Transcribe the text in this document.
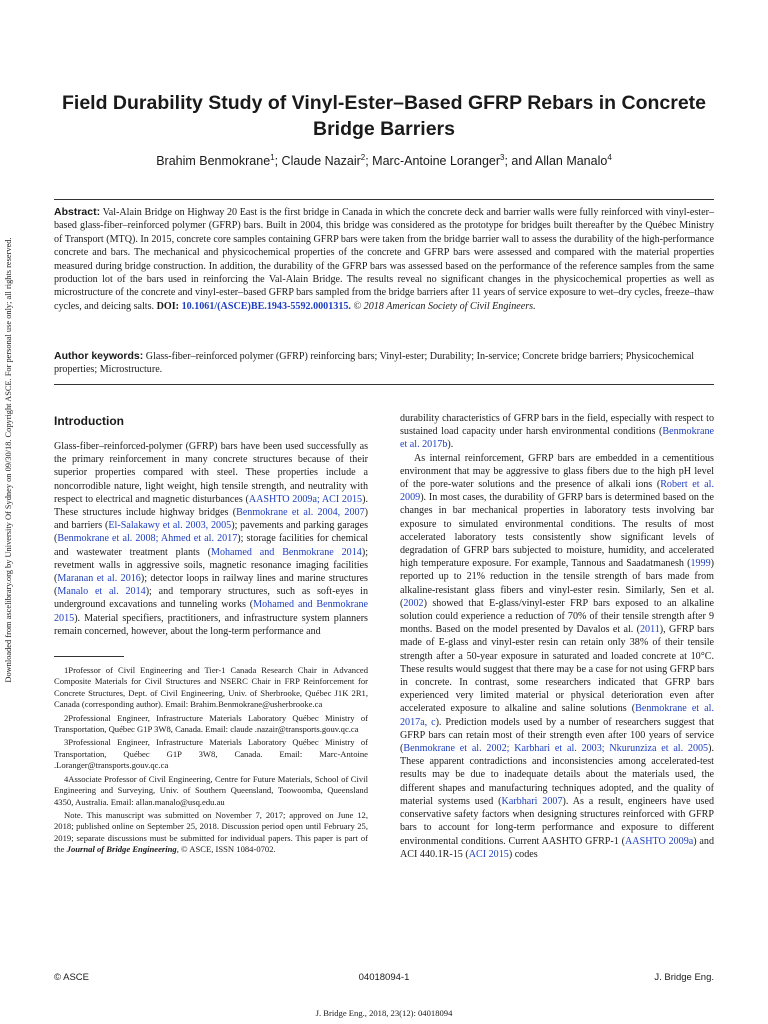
Downloaded from ascelibrary.org by University Of Sydney on 09/30/18. Copyright ASCE. For personal use only; all rights reserved.
Field Durability Study of Vinyl-Ester–Based GFRP Rebars in Concrete Bridge Barriers
Brahim Benmokrane$^1$; Claude Nazair$^2$; Marc-Antoine Loranger$^3$; and Allan Manalo$^4$
Abstract: Val-Alain Bridge on Highway 20 East is the first bridge in Canada in which the concrete deck and barrier walls were fully reinforced with vinyl-ester–based glass-fiber–reinforced polymer (GFRP) bars. Built in 2004, this bridge was considered as the prototype for bridges built thereafter by the Québec Ministry of Transport (MTQ). In 2015, concrete core samples containing GFRP bars were taken from the bridge barrier wall to assess the durability of the high-performance concrete and bars. The mechanical and physicochemical properties of the concrete and GFRP bars were assessed and compared with the material properties measured during bridge construction. In addition, the durability of the GFRP bars was assessed based on the performance of the reference samples from the same production lot of the bars used in reinforcing the Val-Alain Bridge. The results reveal no significant changes in the physicochemical properties as well as microstructure of the concrete and vinyl-ester–based GFRP bars sampled from the bridge barriers after 11 years of service exposure to wet–dry cycles, freeze–thaw cycles, and deicing salts. DOI: 10.1061/(ASCE)BE.1943-5592.0001315. © 2018 American Society of Civil Engineers.
Author keywords: Glass-fiber–reinforced polymer (GFRP) reinforcing bars; Vinyl-ester; Durability; In-service; Concrete bridge barriers; Physicochemical properties; Microstructure.
Introduction

Glass-fiber–reinforced-polymer (GFRP) bars have been used successfully as the primary reinforcement in many concrete structures because of their superior properties compared with steel. These properties include a noncorrodible nature, light weight, high tensile strength, and neutrality with respect to electrical and magnetic disturbances (AASHTO 2009a; ACI 2015). These structures include highway bridges (Benmokrane et al. 2004, 2007) and barriers (El-Salakawy et al. 2003, 2005); pavements and parking garages (Benmokrane et al. 2008; Ahmed et al. 2017); storage facilities for chemical and wastewater treatment plants (Mohamed and Benmokrane 2014); revetment walls in aggressive soils, magnetic resonance imaging facilities (Maranan et al. 2016); detector loops in railway lines and marine structures (Manalo et al. 2014); and temporary structures, such as soft-eyes in underground excavations and tunneling works (Mohamed and Benmokrane 2015). Material specifiers, practitioners, and infrastructure system planners remain concerned, however, about the long-term performance and

1Professor of Civil Engineering and Tier-1 Canada Research Chair in Advanced Composite Materials for Civil Structures and NSERC Chair in FRP Reinforcement for Concrete Structures, Dept. of Civil Engineering, Univ. of Sherbrooke, Québec J1K 2R1, Canada (corresponding author). Email: Brahim.Benmokrane@usherbrooke.ca

2Professional Engineer, Infrastructure Materials Laboratory Québec Ministry of Transportation, Québec G1P 3W8, Canada. Email: claude .nazair@transports.gouv.qc.ca

3Professional Engineer, Infrastructure Materials Laboratory Québec Ministry of Transportation, Québec G1P 3W8, Canada. Email: Marc-Antoine .Loranger@transports.gouv.qc.ca

4Associate Professor of Civil Engineering, Centre for Future Materials, School of Civil Engineering and Surveying, Univ. of Southern Queensland, Toowoomba, Queensland 4350, Australia. Email: allan.manalo@usq.edu.au

Note. This manuscript was submitted on November 7, 2017; approved on June 12, 2018; published online on September 25, 2018. Discussion period open until February 25, 2019; separate discussions must be submitted for individual papers. This paper is part of the Journal of Bridge Engineering, © ASCE, ISSN 1084-0702.

durability characteristics of GFRP bars in the field, especially with respect to sustained load capacity under harsh environmental conditions (Benmokrane et al. 2017b).

As internal reinforcement, GFRP bars are embedded in a cementitious environment that may be aggressive to glass fibers due to the high pH level of the pore-water solutions and the presence of alkali ions (Robert et al. 2009). In most cases, the durability of GFRP bars is determined based on the changes in bar mechanical properties in laboratory tests involving bar exposure to simulated environmental conditions. The results of most accelerated laboratory tests consistently show significant levels of degradation of GFRP bars subjected to moisture, humidity, and accelerated high temperature exposure. For example, Tannous and Saadatmanesh (1999) reported up to 21% reduction in the tensile strength of bars made from alkaline-resistant glass fibers and vinyl-ester resin. Similarly, Sen et al. (2002) showed that E-glass/vinyl-ester FRP bars exposed to an alkaline solution could experience a reduction of 70% of their tensile strength after 9 months. Based on the model presented by Davalos et al. (2011), GFRP bars made of E-glass and vinyl-ester resin can retain only 38% of their tensile strength after a 50-year exposure in saturated and loaded concrete at 10°C. These results would suggest that there may be a case for not using GFRP bars in concrete. In contrast, some researchers indicated that GFRP bars experienced very limited material or physical deterioration even after accelerated exposure to alkaline and saline solutions (Benmokrane et al. 2017a, c). Prediction models used by a number of researchers suggest that GFRP bars can retain most of their strength even after 100 years of service (Benmokrane et al. 2002; Karbhari et al. 2003; Nkurunziza et al. 2005). These apparent contradictions and inconsistencies among accelerated-test results may be due to inadequate details about the materials used, the different shapes and manufacturing techniques adopted, and the quality of material systems used (Karbhari 2007). As a result, engineers have used conservative safety factors when designing structures reinforced with GFRP bars to account for long-term performance and exposure to different environmental conditions. Current AASHTO GFRP-1 (AASHTO 2009a) and ACI 440.1R-15 (ACI 2015) codes

© ASCE	04018094-1	J. Bridge Eng.
J. Bridge Eng., 2018, 23(12): 04018094
